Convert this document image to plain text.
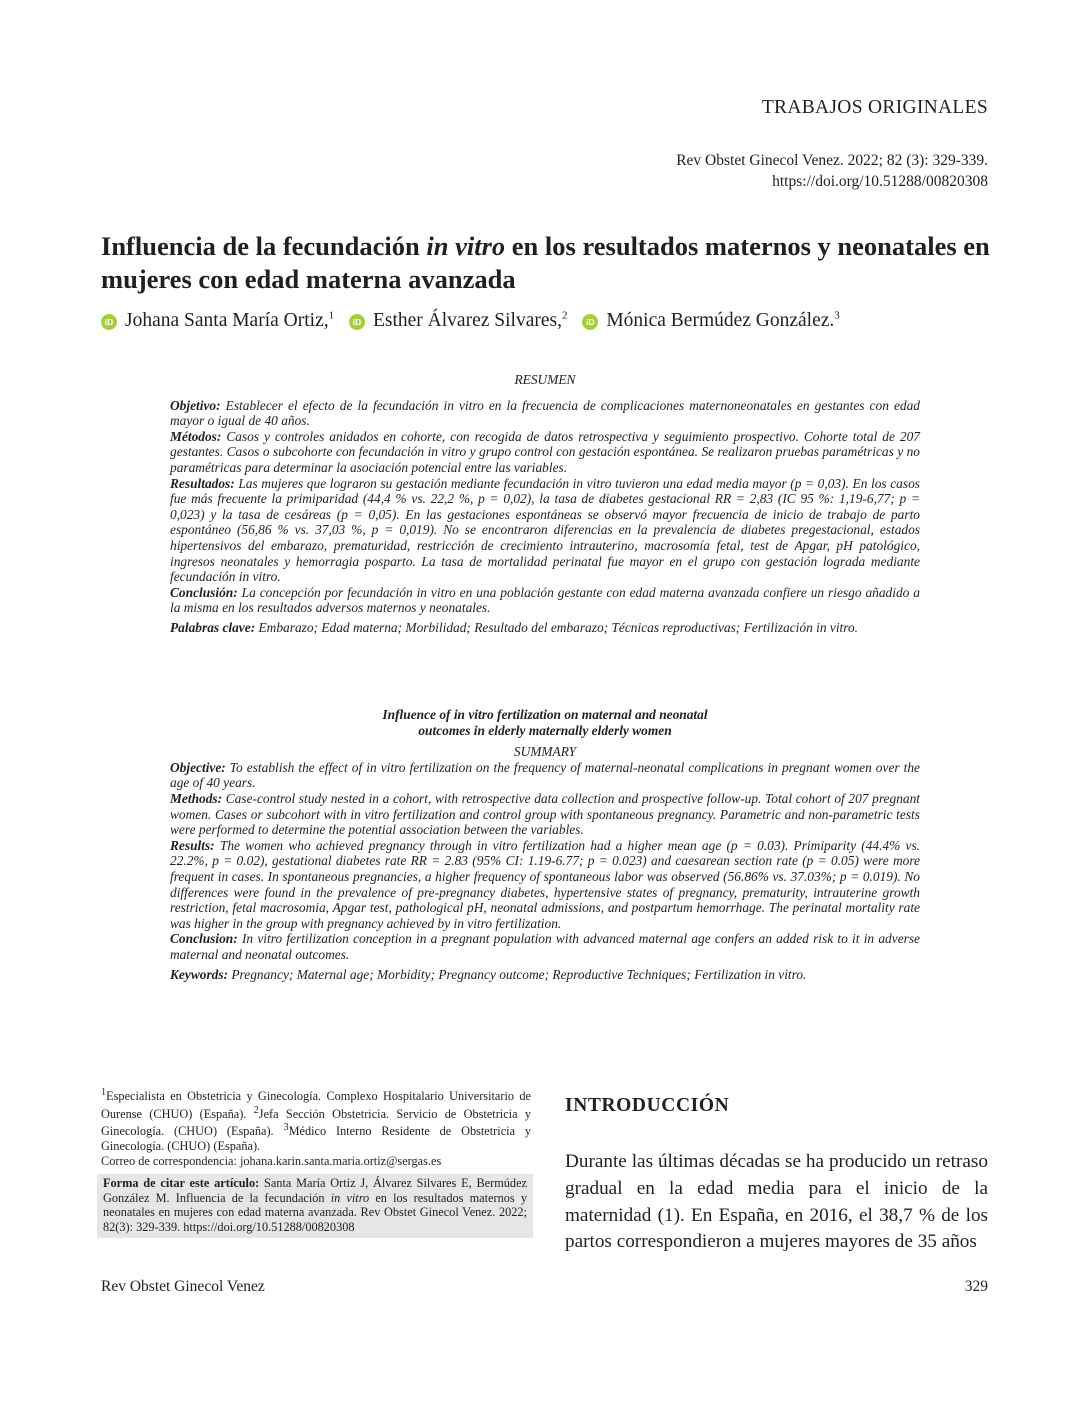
TRABAJOS ORIGINALES
Rev Obstet Ginecol Venez. 2022; 82 (3): 329-339.
https://doi.org/10.51288/00820308
Influencia de la fecundación in vitro en los resultados maternos y neonatales en mujeres con edad materna avanzada
iD Johana Santa María Ortiz,$^1$ iD Esther Álvarez Silvares,$^2$ iD Mónica Bermúdez González.$^3$

RESUMEN

Objetivo: Establecer el efecto de la fecundación in vitro en la frecuencia de complicaciones maternoneonatales en gestantes con edad mayor o igual de 40 años.

Métodos: Casos y controles anidados en cohorte, con recogida de datos retrospectiva y seguimiento prospectivo. Cohorte total de 207 gestantes. Casos o subcohorte con fecundación in vitro y grupo control con gestación espontánea. Se realizaron pruebas paramétricas y no paramétricas para determinar la asociación potencial entre las variables.

Resultados: Las mujeres que lograron su gestación mediante fecundación in vitro tuvieron una edad media mayor (p = 0,03). En los casos fue más frecuente la primiparidad (44,4 % vs. 22,2 %, p = 0,02), la tasa de diabetes gestacional RR = 2,83 (IC 95 %: 1,19-6,77; p = 0,023) y la tasa de cesáreas (p = 0,05). En las gestaciones espontáneas se observó mayor frecuencia de inicio de trabajo de parto espontáneo (56,86 % vs. 37,03 %, p = 0,019). No se encontraron diferencias en la prevalencia de diabetes pregestacional, estados hipertensivos del embarazo, prematuridad, restricción de crecimiento intrauterino, macrosomía fetal, test de Apgar, pH patológico, ingresos neonatales y hemorragia posparto. La tasa de mortalidad perinatal fue mayor en el grupo con gestación lograda mediante fecundación in vitro.

Conclusión: La concepción por fecundación in vitro en una población gestante con edad materna avanzada confiere un riesgo añadido a la misma en los resultados adversos maternos y neonatales.

Palabras clave: Embarazo; Edad materna; Morbilidad; Resultado del embarazo; Técnicas reproductivas; Fertilización in vitro.

Influence of in vitro fertilization on maternal and neonatal
outcomes in elderly maternally elderly women

SUMMARY

Objective: To establish the effect of in vitro fertilization on the frequency of maternal-neonatal complications in pregnant women over the age of 40 years.

Methods: Case-control study nested in a cohort, with retrospective data collection and prospective follow-up. Total cohort of 207 pregnant women. Cases or subcohort with in vitro fertilization and control group with spontaneous pregnancy. Parametric and non-parametric tests were performed to determine the potential association between the variables.

Results: The women who achieved pregnancy through in vitro fertilization had a higher mean age (p = 0.03). Primiparity (44.4% vs. 22.2%, p = 0.02), gestational diabetes rate RR = 2.83 (95% CI: 1.19-6.77; p = 0.023) and caesarean section rate (p = 0.05) were more frequent in cases. In spontaneous pregnancies, a higher frequency of spontaneous labor was observed (56.86% vs. 37.03%; p = 0.019). No differences were found in the prevalence of pre-pregnancy diabetes, hypertensive states of pregnancy, prematurity, intrauterine growth restriction, fetal macrosomia, Apgar test, pathological pH, neonatal admissions, and postpartum hemorrhage. The perinatal mortality rate was higher in the group with pregnancy achieved by in vitro fertilization.

Conclusion: In vitro fertilization conception in a pregnant population with advanced maternal age confers an added risk to it in adverse maternal and neonatal outcomes.

Keywords: Pregnancy; Maternal age; Morbidity; Pregnancy outcome; Reproductive Techniques; Fertilization in vitro.

$^1$Especialista en Obstetricia y Ginecología. Complexo Hospitalario Universitario de Ourense (CHUO) (España). $^2$Jefa Sección Obstetricia. Servicio de Obstetricia y Ginecología. (CHUO) (España). $^3$Médico Interno Residente de Obstetricia y Ginecología. (CHUO) (España).

Correo de correspondencia: johana.karin.santa.maria.ortiz@sergas.es

Forma de citar este artículo: Santa María Ortiz J, Álvarez Silvares E, Bermúdez González M. Influencia de la fecundación in vitro en los resultados maternos y neonatales en mujeres con edad materna avanzada. Rev Obstet Ginecol Venez. 2022; 82(3): 329-339. https://doi.org/10.51288/00820308
INTRODUCCIÓN
Durante las últimas décadas se ha producido un retraso gradual en la edad media para el inicio de la maternidad (1). En España, en 2016, el 38,7 % de los partos correspondieron a mujeres mayores de 35 años
Rev Obstet Ginecol Venez	329
